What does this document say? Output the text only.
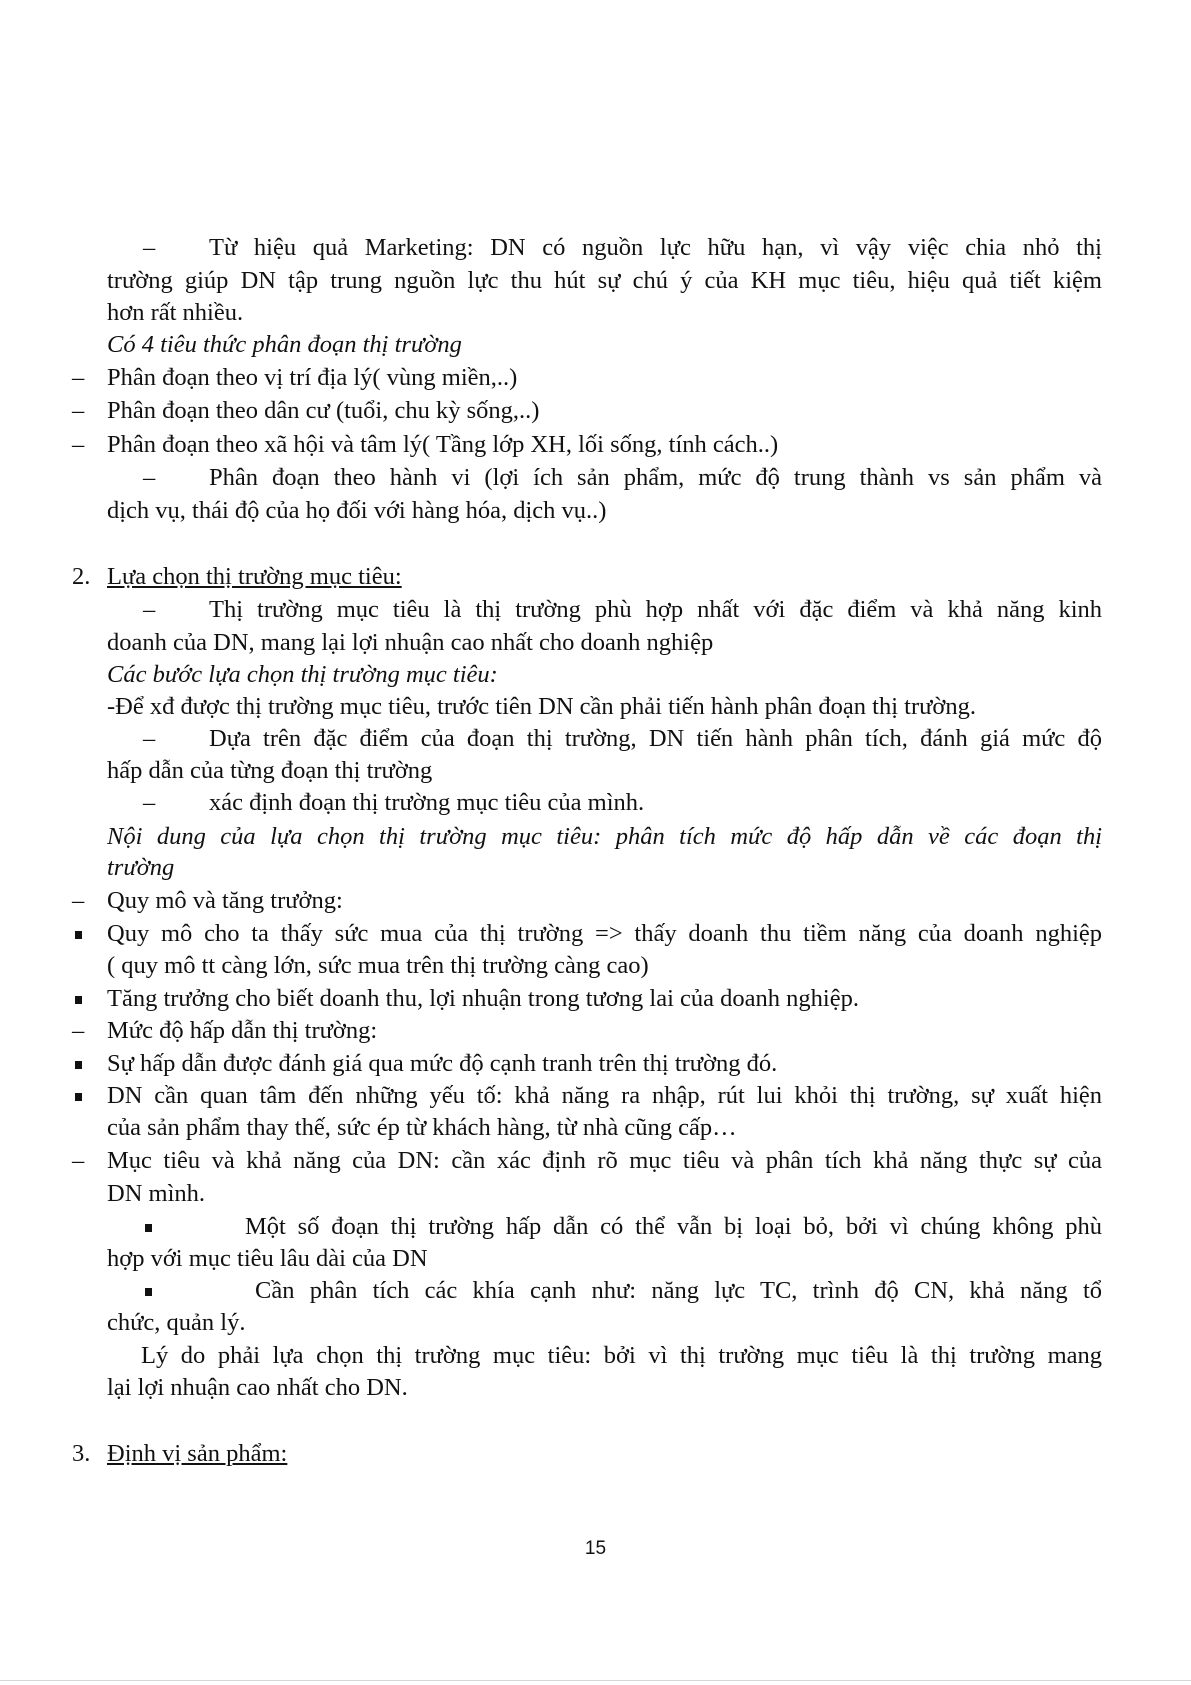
– Từ hiệu quả Marketing: DN có nguồn lực hữu hạn, vì vậy việc chia nhỏ thị
trường giúp DN tập trung nguồn lực thu hút sự chú ý của KH mục tiêu, hiệu quả tiết kiệm
hơn rất nhiều.
Có 4 tiêu thức phân đoạn thị trường
– Phân đoạn theo vị trí địa lý( vùng miền,..)
– Phân đoạn theo dân cư (tuổi, chu kỳ sống,..)
– Phân đoạn theo xã hội và tâm lý( Tầng lớp XH, lối sống, tính cách..)
– Phân đoạn theo hành vi (lợi ích sản phẩm, mức độ trung thành vs sản phẩm và
dịch vụ, thái độ của họ đối với hàng hóa, dịch vụ..)
2. Lựa chọn thị trường mục tiêu:
– Thị trường mục tiêu là thị trường phù hợp nhất với đặc điểm và khả năng kinh
doanh của DN, mang lại lợi nhuận cao nhất cho doanh nghiệp
Các bước lựa chọn thị trường mục tiêu:
-Để xđ được thị trường mục tiêu, trước tiên DN cần phải tiến hành phân đoạn thị trường.
– Dựa trên đặc điểm của đoạn thị trường, DN tiến hành phân tích, đánh giá mức độ
hấp dẫn của từng đoạn thị trường
– xác định đoạn thị trường mục tiêu của mình.
Nội dung của lựa chọn thị trường mục tiêu: phân tích mức độ hấp dẫn về các đoạn thị
trường
– Quy mô và tăng trưởng:
Quy mô cho ta thấy sức mua của thị trường => thấy doanh thu tiềm năng của doanh nghiệp
( quy mô tt càng lớn, sức mua trên thị trường càng cao)
Tăng trưởng cho biết doanh thu, lợi nhuận trong tương lai của doanh nghiệp.
– Mức độ hấp dẫn thị trường:
Sự hấp dẫn được đánh giá qua mức độ cạnh tranh trên thị trường đó.
DN cần quan tâm đến những yếu tố: khả năng ra nhập, rút lui khỏi thị trường, sự xuất hiện
của sản phẩm thay thế, sức ép từ khách hàng, từ nhà cũng cấp…
– Mục tiêu và khả năng của DN: cần xác định rõ mục tiêu và phân tích khả năng thực sự của
DN mình.
Một số đoạn thị trường hấp dẫn có thể vẫn bị loại bỏ, bởi vì chúng không phù
hợp với mục tiêu lâu dài của DN
Cần phân tích các khía cạnh như: năng lực TC, trình độ CN, khả năng tổ
chức, quản lý.
Lý do phải lựa chọn thị trường mục tiêu: bởi vì thị trường mục tiêu là thị trường mang
lại lợi nhuận cao nhất cho DN.
3. Định vị sản phẩm:
15
